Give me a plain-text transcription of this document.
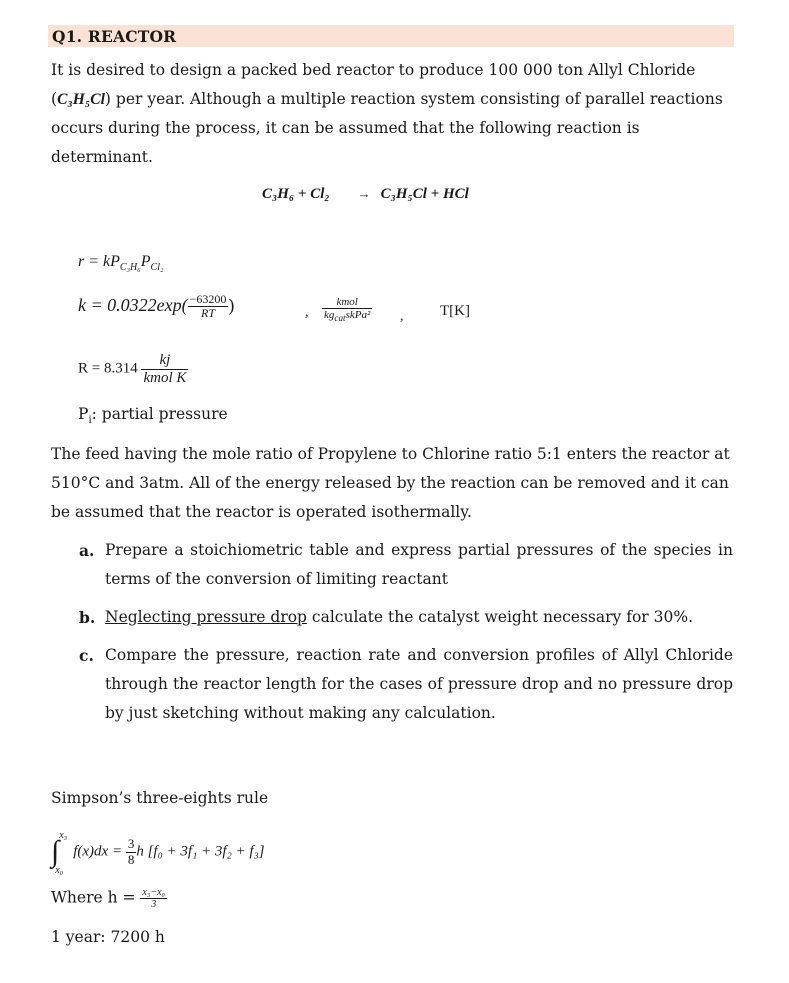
Q1. REACTOR
It is desired to design a packed bed reactor to produce 100 000 ton Allyl Chloride
(C₃H₅Cl) per year. Although a multiple reaction system consisting of parallel reactions
occurs during the process, it can be assumed that the following reaction is
determinant.
C₃H₆ + Cl₂ → C₃H₅Cl + HCl
$r = kP_{C_3H_6}P_{Cl_2}$
$k = 0.0322\exp( \frac{-63200}{RT}$ )	, $\frac{\text{kmol}}{kg_{cat}skPa^2}$ , T[K]
$R = 8.314 \frac{kj}{\text{kmol K}}$
$P_i$: partial pressure
The feed having the mole ratio of Propylene to Chlorine ratio 5:1 enters the reactor at
510°C and 3atm. All of the energy released by the reaction can be removed and it can
be assumed that the reactor is operated isothermally.
a. Prepare a stoichiometric table and express partial pressures of the species in terms of the conversion of limiting reactant
b. Neglecting pressure drop calculate the catalyst weight necessary for 30%.
c. Compare the pressure, reaction rate and conversion profiles of Allyl Chloride through the reactor length for the cases of pressure drop and no pressure drop by just sketching without making any calculation.
Simpson’s three-eights rule
∫ x₃
x₀
$f(x)dx = \frac{3}{8}$ h [f₀ + 3f₁ + 3f₂ + f₃]
Where $h = \frac{\text{x₃−x₀}}{3}$
1 year: 7200 h
